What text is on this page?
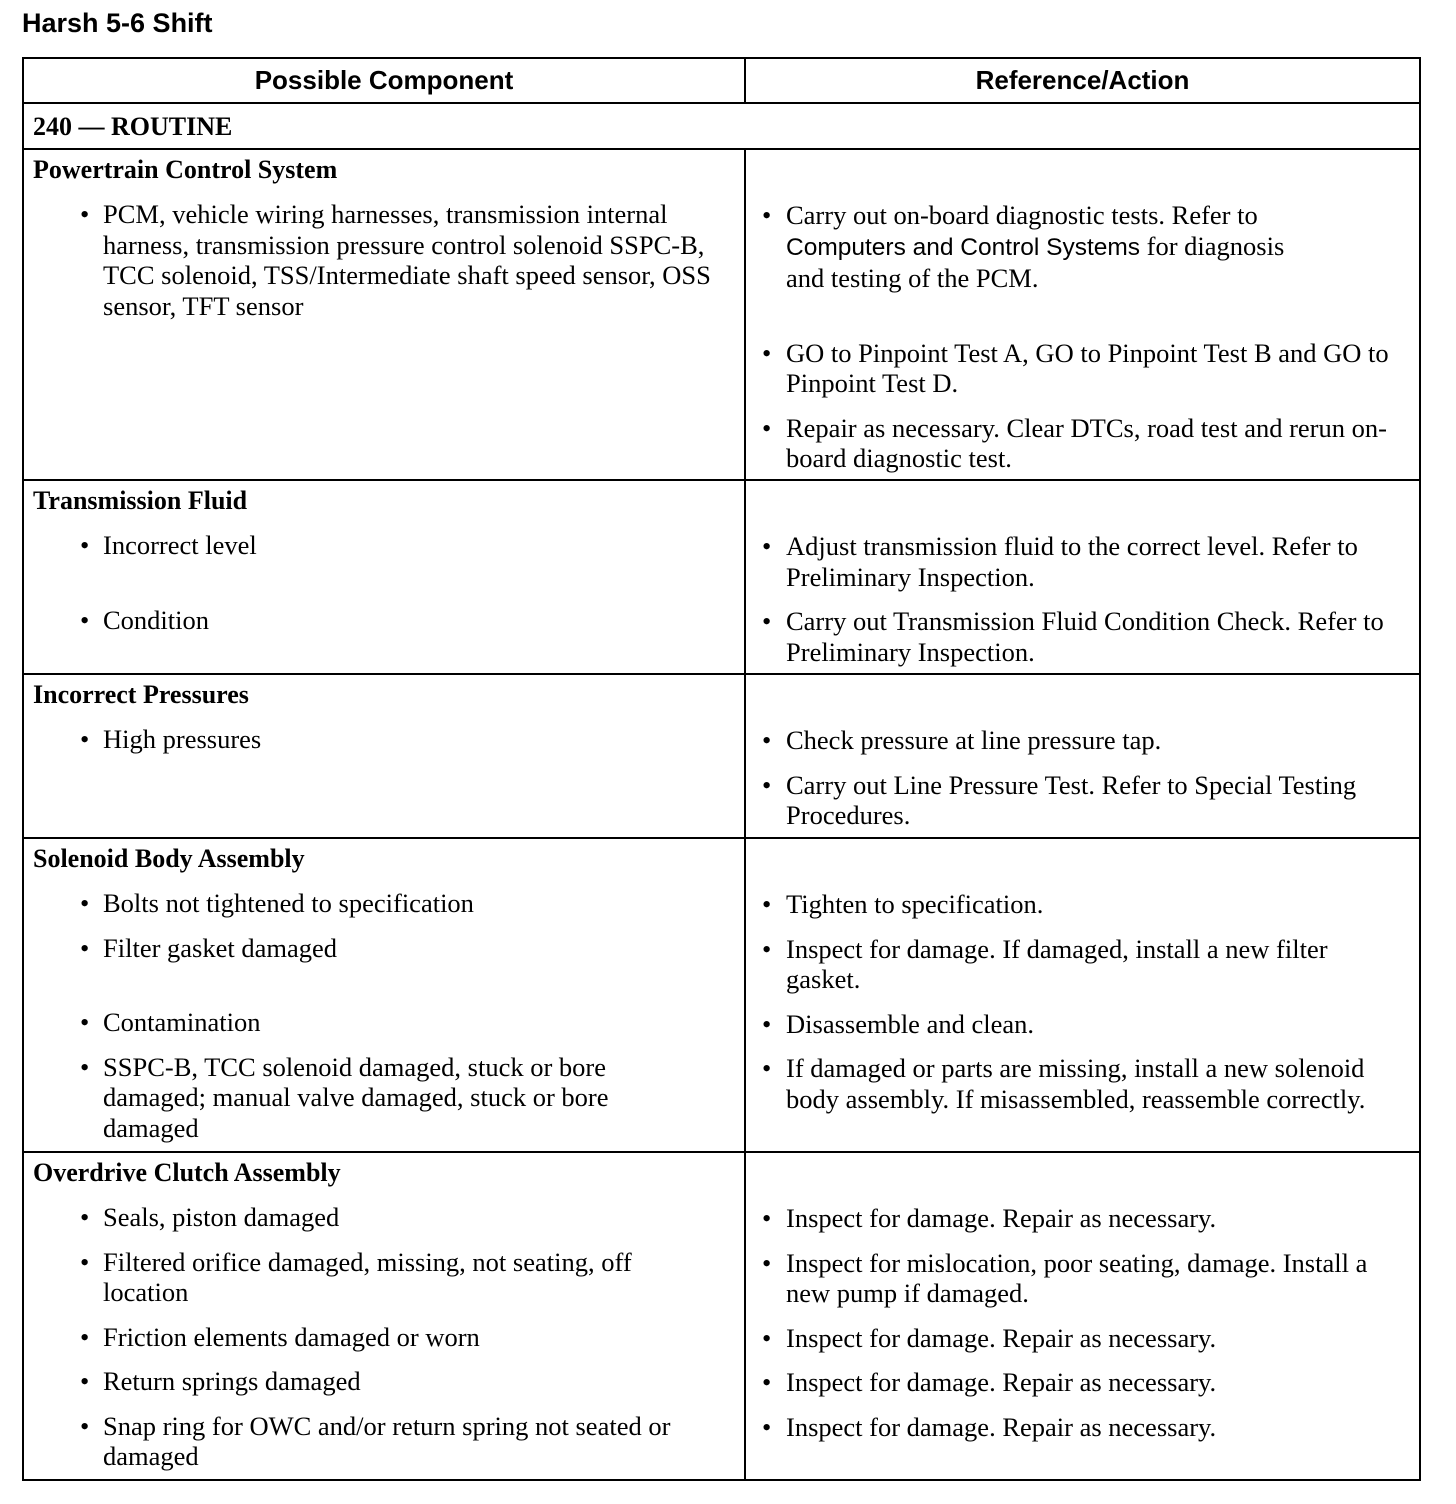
Harsh 5-6 Shift
Possible Component	Reference/Action
240 — ROUTINE
Powertrain Control System
• PCM, vehicle wiring harnesses, transmission internal harness, transmission pressure control solenoid SSPC-B, TCC solenoid, TSS/Intermediate shaft speed sensor, OSS sensor, TFT sensor
• Carry out on-board diagnostic tests. Refer to Computers and Control Systems for diagnosis and testing of the PCM.
• GO to Pinpoint Test A, GO to Pinpoint Test B and GO to Pinpoint Test D.
• Repair as necessary. Clear DTCs, road test and rerun on-board diagnostic test.
Transmission Fluid
• Incorrect level
• Condition
• Adjust transmission fluid to the correct level. Refer to Preliminary Inspection.
• Carry out Transmission Fluid Condition Check. Refer to Preliminary Inspection.
Incorrect Pressures
• High pressures	• Check pressure at line pressure tap.
• Carry out Line Pressure Test. Refer to Special Testing Procedures.
Solenoid Body Assembly
• Bolts not tightened to specification
• Filter gasket damaged
• Contamination
• SSPC-B, TCC solenoid damaged, stuck or bore damaged; manual valve damaged, stuck or bore damaged
• Tighten to specification.
• Inspect for damage. If damaged, install a new filter gasket.
• Disassemble and clean.
• If damaged or parts are missing, install a new solenoid body assembly. If misassembled, reassemble correctly.
Overdrive Clutch Assembly
• Seals, piston damaged
• Filtered orifice damaged, missing, not seating, off location
• Friction elements damaged or worn
• Return springs damaged
• Snap ring for OWC and/or return spring not seated or damaged
• Inspect for damage. Repair as necessary.
• Inspect for mislocation, poor seating, damage. Install a new pump if damaged.
• Inspect for damage. Repair as necessary.
• Inspect for damage. Repair as necessary.
• Inspect for damage. Repair as necessary.
